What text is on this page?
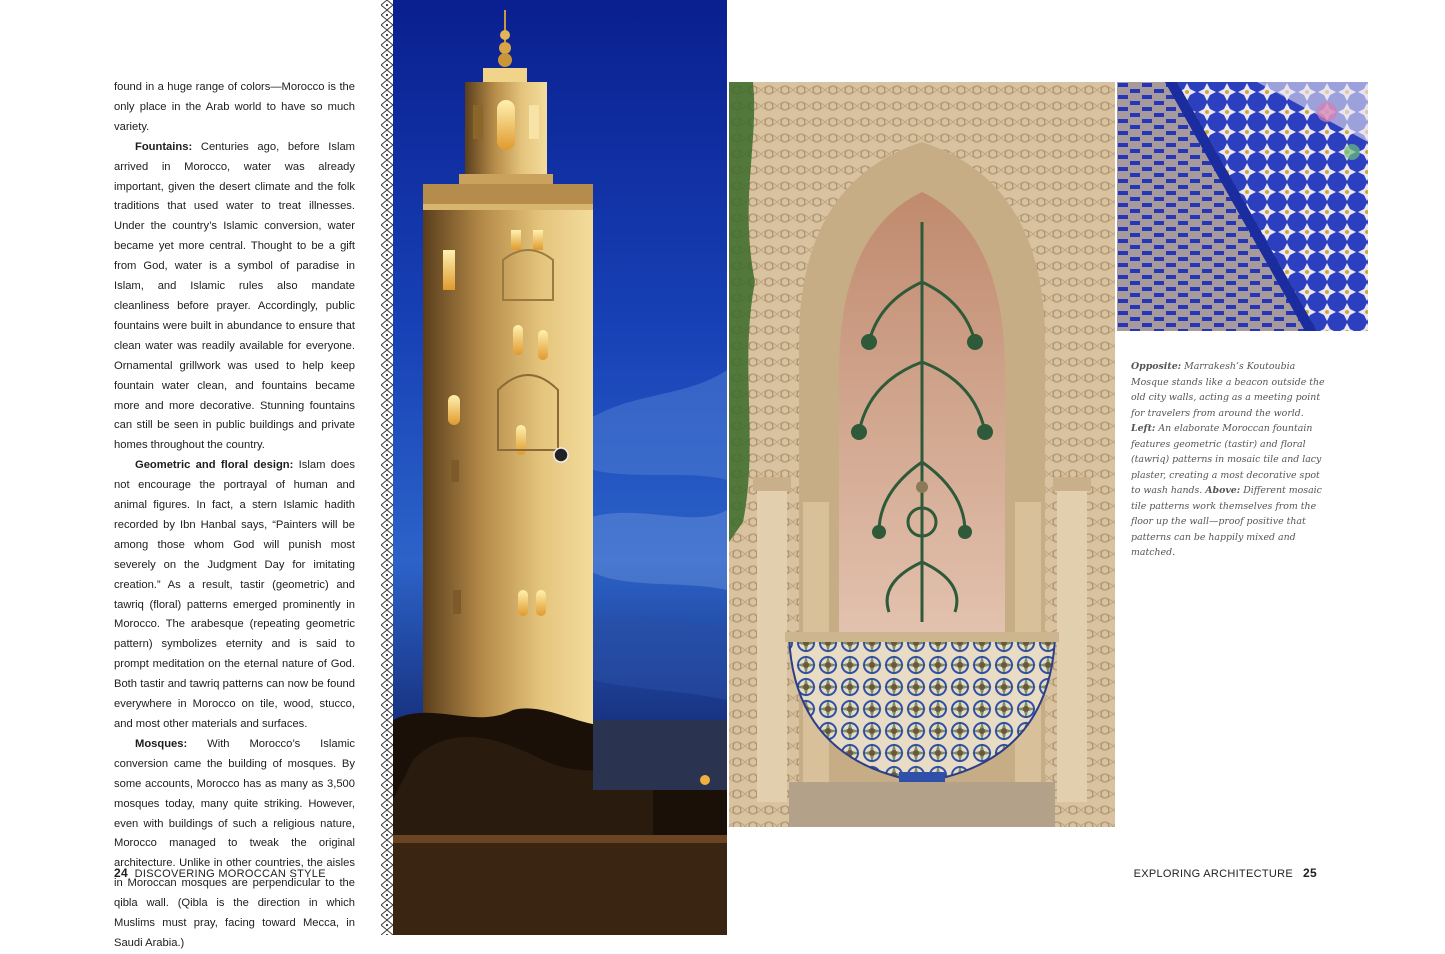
found in a huge range of colors—Morocco is the only place in the Arab world to have so much variety.

Fountains: Centuries ago, before Islam arrived in Morocco, water was already important, given the desert climate and the folk traditions that used water to treat illnesses. Under the country’s Islamic conversion, water became yet more central. Thought to be a gift from God, water is a symbol of paradise in Islam, and Islamic rules also mandate cleanliness before prayer. Accordingly, public fountains were built in abundance to ensure that clean water was readily available for everyone. Ornamental grillwork was used to help keep fountain water clean, and fountains became more and more decorative. Stunning fountains can still be seen in public buildings and private homes throughout the country.

Geometric and floral design: Islam does not encourage the portrayal of human and animal figures. In fact, a stern Islamic hadith recorded by Ibn Hanbal says, “Painters will be among those whom God will punish most severely on the Judgment Day for imitating creation.” As a result, tastir (geometric) and tawriq (floral) patterns emerged prominently in Morocco. The arabesque (repeating geometric pattern) symbolizes eternity and is said to prompt meditation on the eternal nature of God. Both tastir and tawriq patterns can now be found everywhere in Morocco on tile, wood, stucco, and most other materials and surfaces.

Mosques: With Morocco’s Islamic conversion came the building of mosques. By some accounts, Morocco has as many as 3,500 mosques today, many quite striking. However, even with buildings of such a religious nature, Morocco managed to tweak the original architecture. Unlike in other countries, the aisles in Moroccan mosques are perpendicular to the qibla wall. (Qibla is the direction in which Muslims must pray, facing toward Mecca, in Saudi Arabia.)

24 DISCOVERING MOROCCAN STYLE
Opposite: Marrakesh’s Koutoubia Mosque stands like a beacon outside the old city walls, acting as a meeting point for travelers from around the world. Left: An elaborate Moroccan fountain features geometric (tastir) and floral (tawriq) patterns in mosaic tile and lacy plaster, creating a most decorative spot to wash hands. Above: Different mosaic tile patterns work themselves from the floor up the wall—proof positive that patterns can be happily mixed and matched.
EXPLORING ARCHITECTURE 25
